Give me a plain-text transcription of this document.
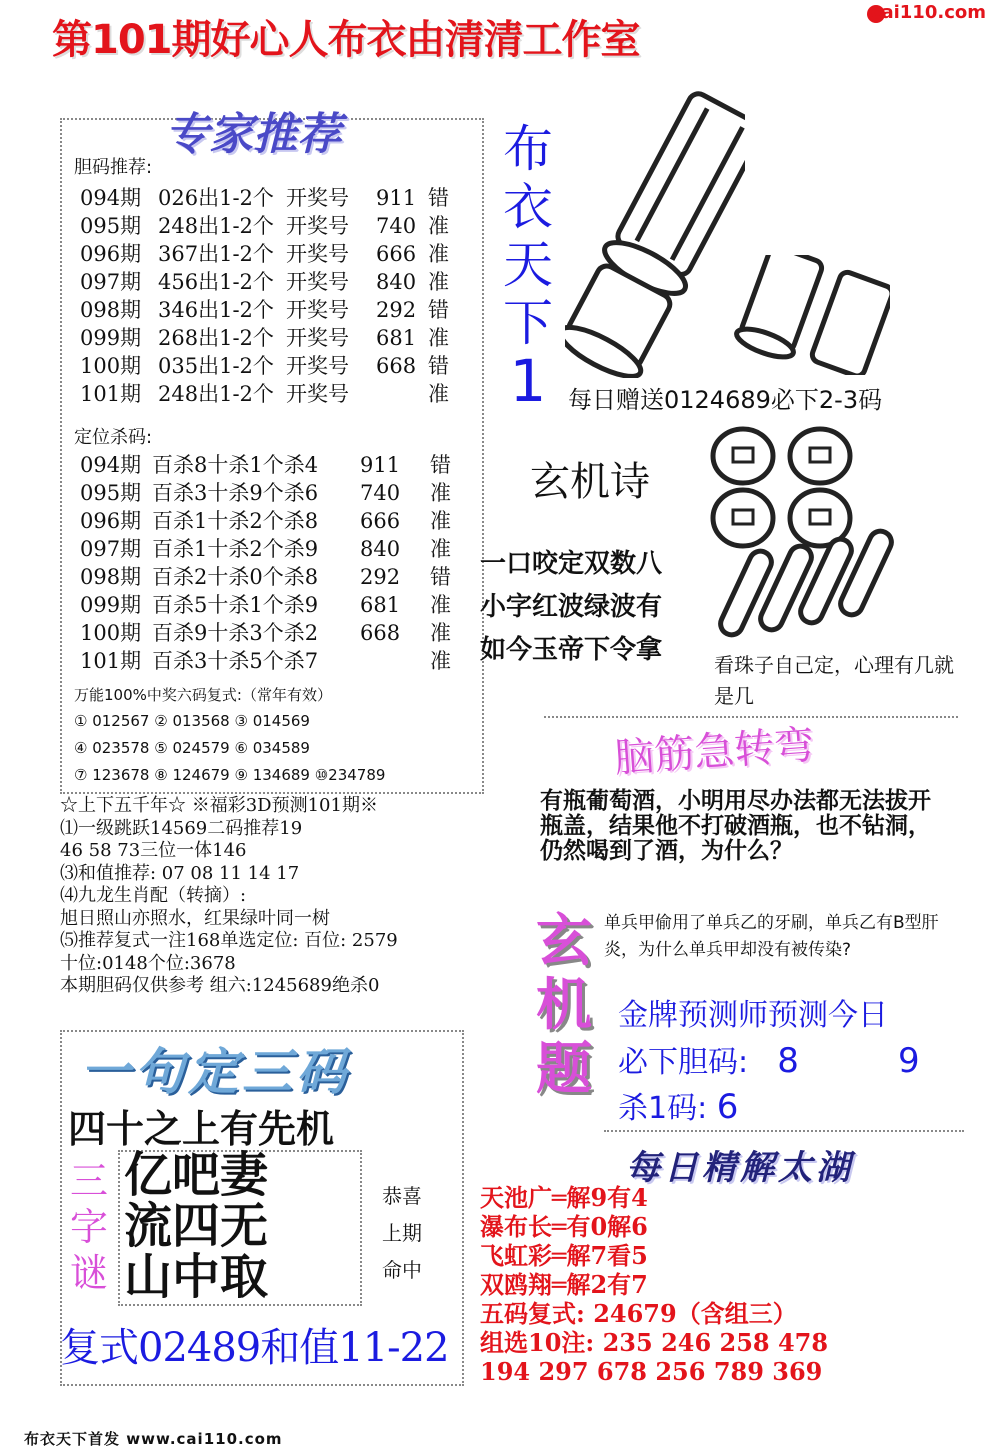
第101期好心人布衣由清清工作室
cai110.com
专家推荐
胆码推荐:
094期 026出1-2个 开奖号	911 错
095期 248出1-2个 开奖号	740 准
096期 367出1-2个 开奖号	666 准
097期 456出1-2个 开奖号	840 准
098期 346出1-2个 开奖号	292 错
099期 268出1-2个 开奖号	681 准
100期 035出1-2个 开奖号	668 错
101期 248出1-2个 开奖号	准
定位杀码:
094期 百杀8十杀1个杀4	911	错
095期 百杀3十杀9个杀6	740	准
096期 百杀1十杀2个杀8	666	准
097期 百杀1十杀2个杀9	840	准
098期 百杀2十杀0个杀8	292	错
099期 百杀5十杀1个杀9	681	准
100期 百杀9十杀3个杀2	668	准
101期 百杀3十杀5个杀7	准
万能100%中奖六码复式:（常年有效）
① 012567 ② 013568 ③ 014569
④ 023578 ⑤ 024579 ⑥ 034589
⑦ 123678 ⑧ 124679 ⑨ 134689 ⑩234789
☆上下五千年☆ ※福彩3D预测101期※
⑴一级跳跃14569二码推荐19
46 58 73三位一体146
⑶和值推荐: 07 08 11 14 17
⑷九龙生肖配（转摘）:
旭日照山亦照水，红果绿叶同一树
⑸推荐复式一注168单选定位: 百位: 2579
十位:0148个位:3678
本期胆码仅供参考 组六:1245689绝杀0
布
衣
天
下
1 每日赠送0124689必下2-3码
玄机诗
一口咬定双数八
小字红波绿波有
如今玉帝下令拿	看珠子自己定，心理有几就是几
脑筋急转弯
有瓶葡萄酒，小明用尽办法都无法拔开瓶盖，结果他不打破酒瓶，也不钻洞，仍然喝到了酒，为什么？
玄
机
题
单兵甲偷用了单兵乙的牙刷，单兵乙有B型肝炎，为什么单兵甲却没有被传染?
金牌预测师预测今日
必下胆码: 8	9
杀1码: 6
每日精解太湖
天池广═解9有4
瀑布长═有0解6
飞虹彩═解7看5
双鸥翔═解2有7
五码复式: 24679（含组三）
组选10注: 235 246 258 478
194 297 678 256 789 369
一句定三码
四十之上有先机
三
字
谜
亿吧妻
流四无
山中取
恭喜
上期
命中
复式02489和值11-22
布衣天下首发 www.cai110.com
